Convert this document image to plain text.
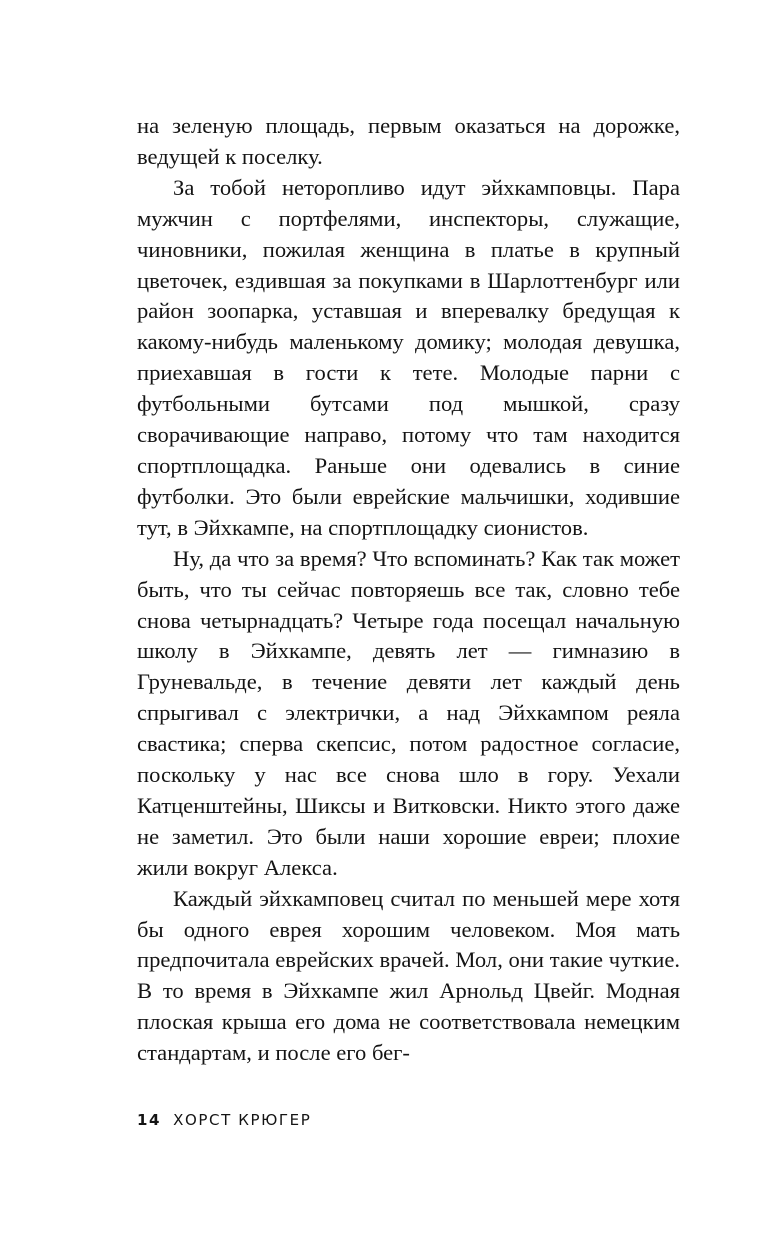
на зеленую площадь, первым оказаться на дорожке, ведущей к поселку.

За тобой неторопливо идут эйхкамповцы. Пара мужчин с портфелями, инспекторы, служащие, чиновники, пожилая женщина в платье в крупный цветочек, ездившая за покупками в Шарлоттенбург или район зоопарка, уставшая и вперевалку бредущая к какому-нибудь маленькому домику; молодая девушка, приехавшая в гости к тете. Молодые парни с футбольными бутсами под мышкой, сразу сворачивающие направо, потому что там находится спортплощадка. Раньше они одевались в синие футболки. Это были еврейские мальчишки, ходившие тут, в Эйхкампе, на спортплощадку сионистов.

Ну, да что за время? Что вспоминать? Как так может быть, что ты сейчас повторяешь все так, словно тебе снова четырнадцать? Четыре года посещал начальную школу в Эйхкампе, девять лет — гимназию в Груневальде, в течение девяти лет каждый день спрыгивал с электрички, а над Эйхкампом реяла свастика; сперва скепсис, потом радостное согласие, поскольку у нас все снова шло в гору. Уехали Катценштейны, Шиксы и Витковски. Никто этого даже не заметил. Это были наши хорошие евреи; плохие жили вокруг Алекса.

Каждый эйхкамповец считал по меньшей мере хотя бы одного еврея хорошим человеком. Моя мать предпочитала еврейских врачей. Мол, они такие чуткие. В то время в Эйхкампе жил Арнольд Цвейг. Модная плоская крыша его дома не соответствовала немецким стандартам, и после его бег-

14 ХОРСТ КРЮГЕР
